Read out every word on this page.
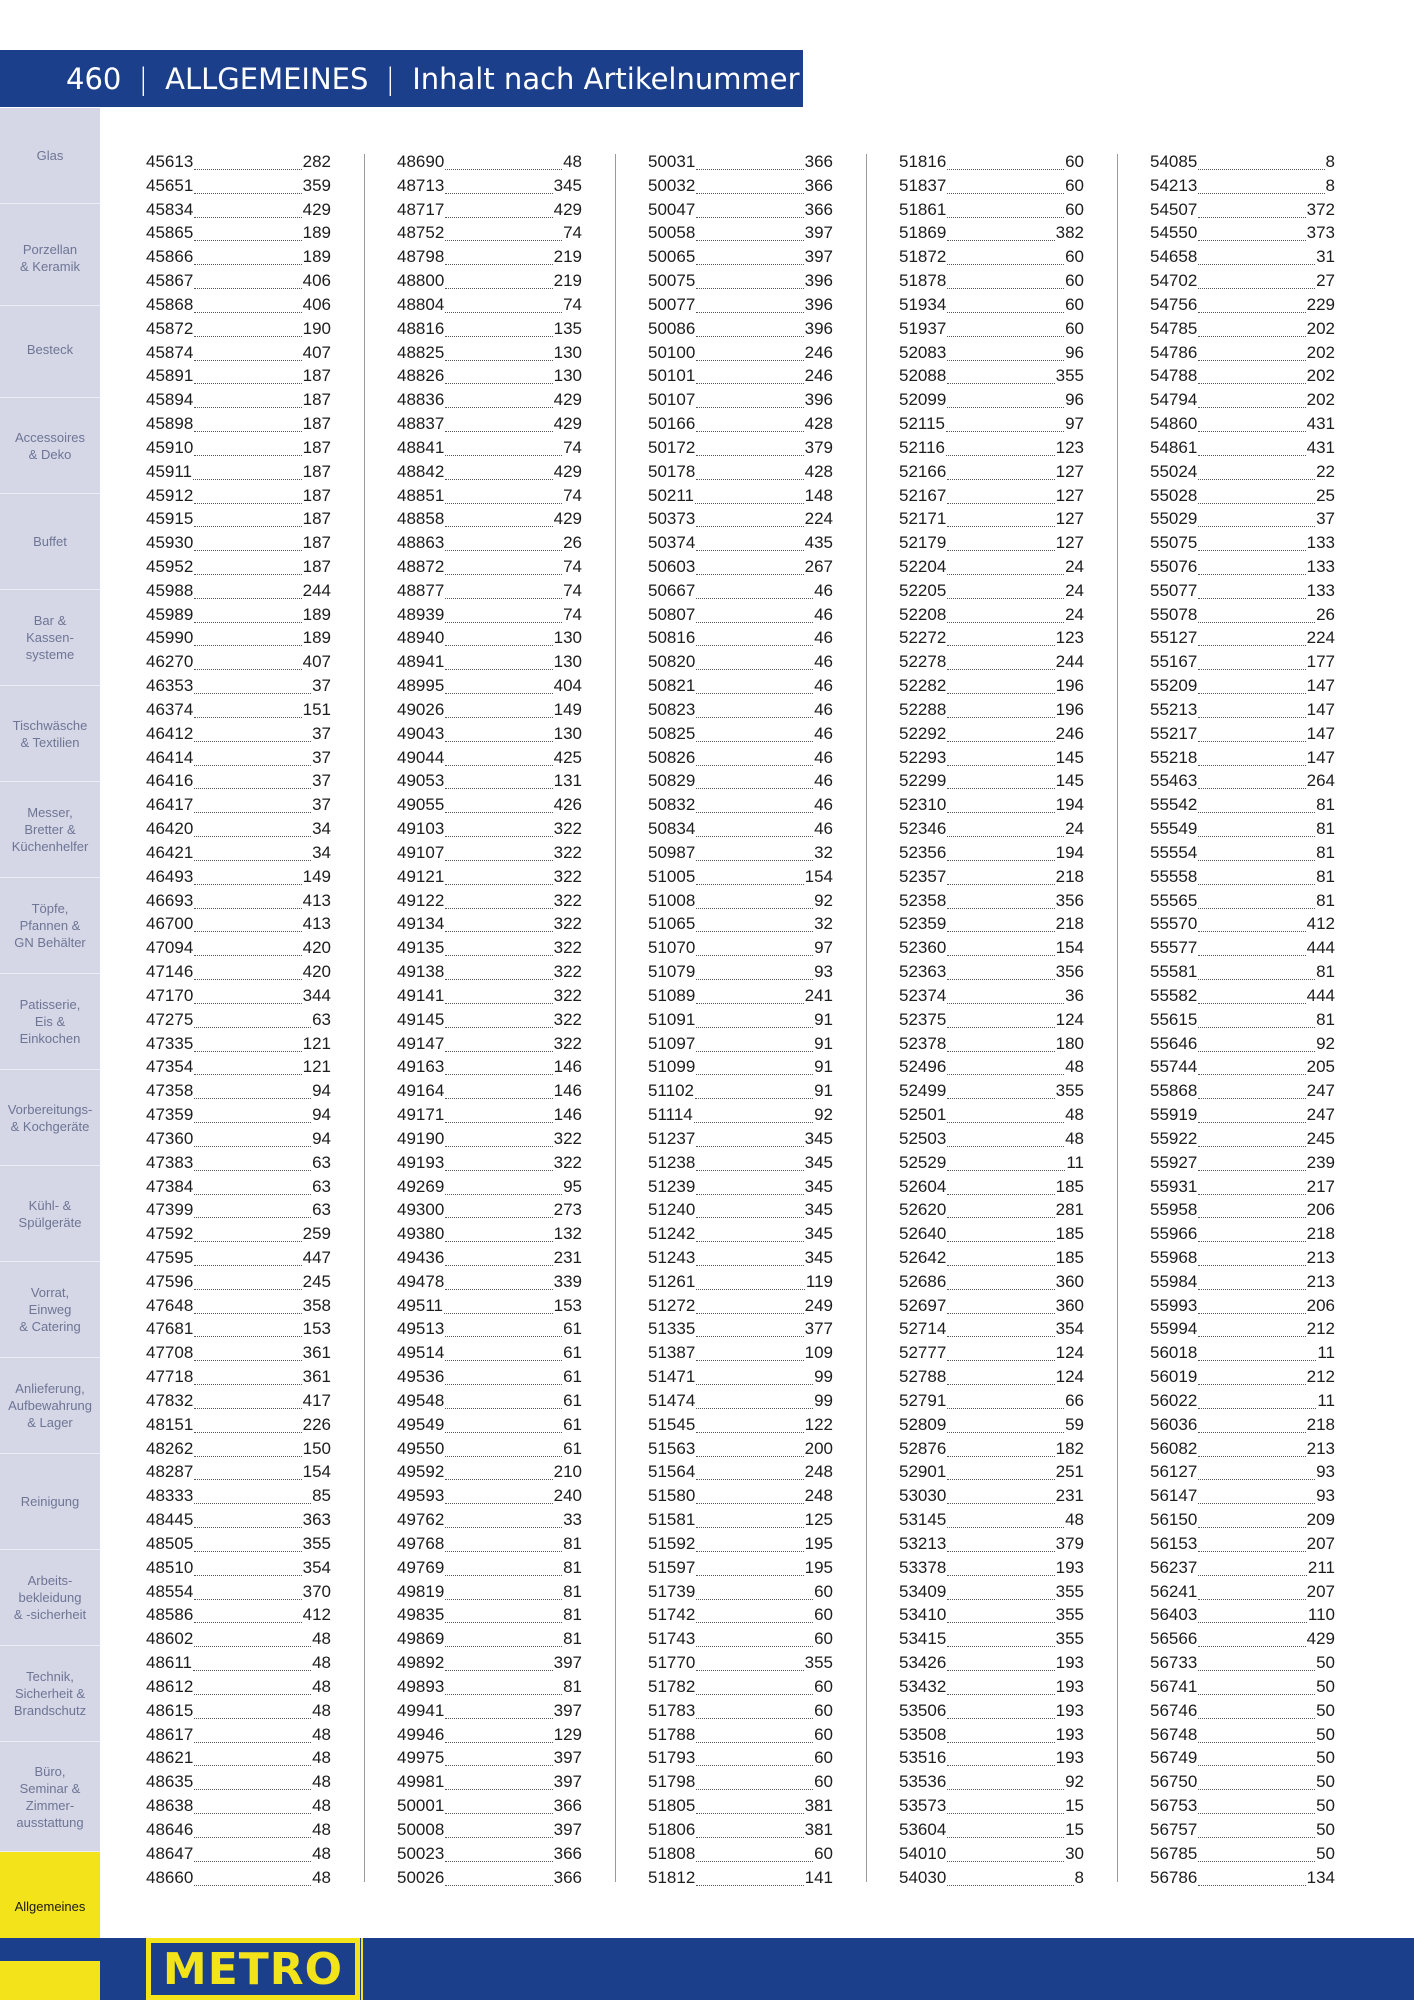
460 | ALLGEMEINES | Inhalt nach Artikelnummer
Glas
Porzellan
& Keramik
Besteck
Accessoires
& Deko
Buffet
Bar &
Kassen-
systeme
Tischwäsche
& Textilien
Messer,
Bretter &
Küchenhelfer
Töpfe,
Pfannen &
GN Behälter
Patisserie,
Eis &
Einkochen
Vorbereitungs-
& Kochgeräte
Kühl- &
Spülgeräte
Vorrat,
Einweg
& Catering
Anlieferung,
Aufbewahrung
& Lager
Reinigung
Arbeits-
bekleidung
& -sicherheit
Technik,
Sicherheit &
Brandschutz
Büro,
Seminar &
Zimmer-
ausstattung
Allgemeines
45613	282
45651	359
45834	429
45865	189
45866	189
45867	406
45868	406
45872	190
45874	407
45891	187
45894	187
45898	187
45910	187
45911	187
45912	187
45915	187
45930	187
45952	187
45988	244
45989	189
45990	189
46270	407
46353	37
46374	151
46412	37
46414	37
46416	37
46417	37
46420	34
46421	34
46493	149
46693	413
46700	413
47094	420
47146	420
47170	344
47275	63
47335	121
47354	121
47358	94
47359	94
47360	94
47383	63
47384	63
47399	63
47592	259
47595	447
47596	245
47648	358
47681	153
47708	361
47718	361
47832	417
48151	226
48262	150
48287	154
48333	85
48445	363
48505	355
48510	354
48554	370
48586	412
48602	48
48611	48
48612	48
48615	48
48617	48
48621	48
48635	48
48638	48
48646	48
48647	48
48660	48
48690	48
48713	345
48717	429
48752	74
48798	219
48800	219
48804	74
48816	135
48825	130
48826	130
48836	429
48837	429
48841	74
48842	429
48851	74
48858	429
48863	26
48872	74
48877	74
48939	74
48940	130
48941	130
48995	404
49026	149
49043	130
49044	425
49053	131
49055	426
49103	322
49107	322
49121	322
49122	322
49134	322
49135	322
49138	322
49141	322
49145	322
49147	322
49163	146
49164	146
49171	146
49190	322
49193	322
49269	95
49300	273
49380	132
49436	231
49478	339
49511	153
49513	61
49514	61
49536	61
49548	61
49549	61
49550	61
49592	210
49593	240
49762	33
49768	81
49769	81
49819	81
49835	81
49869	81
49892	397
49893	81
49941	397
49946	129
49975	397
49981	397
50001	366
50008	397
50023	366
50026	366
50031	366
50032	366
50047	366
50058	397
50065	397
50075	396
50077	396
50086	396
50100	246
50101	246
50107	396
50166	428
50172	379
50178	428
50211	148
50373	224
50374	435
50603	267
50667	46
50807	46
50816	46
50820	46
50821	46
50823	46
50825	46
50826	46
50829	46
50832	46
50834	46
50987	32
51005	154
51008	92
51065	32
51070	97
51079	93
51089	241
51091	91
51097	91
51099	91
51102	91
51114	92
51237	345
51238	345
51239	345
51240	345
51242	345
51243	345
51261	119
51272	249
51335	377
51387	109
51471	99
51474	99
51545	122
51563	200
51564	248
51580	248
51581	125
51592	195
51597	195
51739	60
51742	60
51743	60
51770	355
51782	60
51783	60
51788	60
51793	60
51798	60
51805	381
51806	381
51808	60
51812	141
51816	60
51837	60
51861	60
51869	382
51872	60
51878	60
51934	60
51937	60
52083	96
52088	355
52099	96
52115	97
52116	123
52166	127
52167	127
52171	127
52179	127
52204	24
52205	24
52208	24
52272	123
52278	244
52282	196
52288	196
52292	246
52293	145
52299	145
52310	194
52346	24
52356	194
52357	218
52358	356
52359	218
52360	154
52363	356
52374	36
52375	124
52378	180
52496	48
52499	355
52501	48
52503	48
52529	11
52604	185
52620	281
52640	185
52642	185
52686	360
52697	360
52714	354
52777	124
52788	124
52791	66
52809	59
52876	182
52901	251
53030	231
53145	48
53213	379
53378	193
53409	355
53410	355
53415	355
53426	193
53432	193
53506	193
53508	193
53516	193
53536	92
53573	15
53604	15
54010	30
54030	8
54085	8
54213	8
54507	372
54550	373
54658	31
54702	27
54756	229
54785	202
54786	202
54788	202
54794	202
54860	431
54861	431
55024	22
55028	25
55029	37
55075	133
55076	133
55077	133
55078	26
55127	224
55167	177
55209	147
55213	147
55217	147
55218	147
55463	264
55542	81
55549	81
55554	81
55558	81
55565	81
55570	412
55577	444
55581	81
55582	444
55615	81
55646	92
55744	205
55868	247
55919	247
55922	245
55927	239
55931	217
55958	206
55966	218
55968	213
55984	213
55993	206
55994	212
56018	11
56019	212
56022	11
56036	218
56082	213
56127	93
56147	93
56150	209
56153	207
56237	211
56241	207
56403	110
56566	429
56733	50
56741	50
56746	50
56748	50
56749	50
56750	50
56753	50
56757	50
56785	50
56786	134
METRO
